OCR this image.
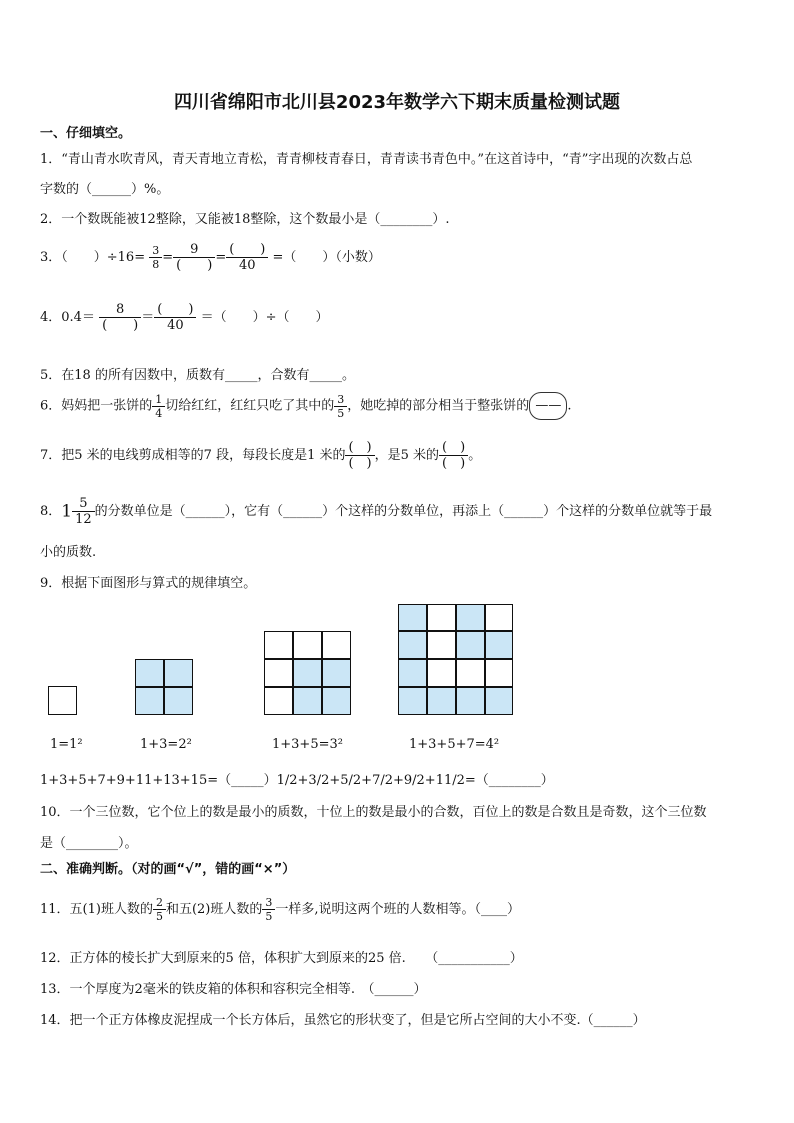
四川省绵阳市北川县2023年数学六下期末质量检测试题
一、仔细填空。
1．“青山青水吹青风，青天青地立青松，青青柳枝青春日，青青读书青色中。”在这首诗中，“青”字出现的次数占总
字数的（______）%。
2．一个数既能被12整除，又能被18整除，这个数最小是（________）.
3．（　　）$\div 16= \frac{3}{8} = \frac{9}{( )} = \frac{( )}{40}$ =（　　）（小数）
4．$0.4= \frac{8}{( )} = \frac{( )}{40}$ ＝（　　）÷（　　）
5．在18 的所有因数中，质数有_____，合数有_____。
6．妈妈把一张饼的 $\frac{1}{4}$ 切给红红，红红只吃了其中的 $\frac{3}{5}$ ，她吃掉的部分相当于整张饼的 —— .
7．把5 米的电线剪成相等的7 段，每段长度是1 米的 $\frac{( )}{( )}$ ，是5 米的 $\frac{( )}{( )}$ 。
8．$1 \frac{5}{12}$ 的分数单位是（______），它有（______）个这样的分数单位，再添上（______）个这样的分数单位就等于最
小的质数.
9．根据下面图形与算式的规律填空。
1=1²	1+3=2²	1+3+5=3²	1+3+5+7=4²
1+3+5+7+9+11+13+15=（_____）1/2+3/2+5/2+7/2+9/2+11/2=（________）
10．一个三位数，它个位上的数是最小的质数，十位上的数是最小的合数，百位上的数是合数且是奇数，这个三位数
是（________）。
二、准确判断。（对的画“√”，错的画“×”）
11．五(1)班人数的 $\frac{2}{5}$ 和五(2)班人数的 $\frac{3}{5}$ 一样多,说明这两个班的人数相等。（____）
12．正方体的棱长扩大到原来的5 倍，体积扩大到原来的25 倍.　　（___________）
13．一个厚度为2毫米的铁皮箱的体积和容积完全相等.　（______）
14．把一个正方体橡皮泥捏成一个长方体后，虽然它的形状变了，但是它所占空间的大小不变.（______）
